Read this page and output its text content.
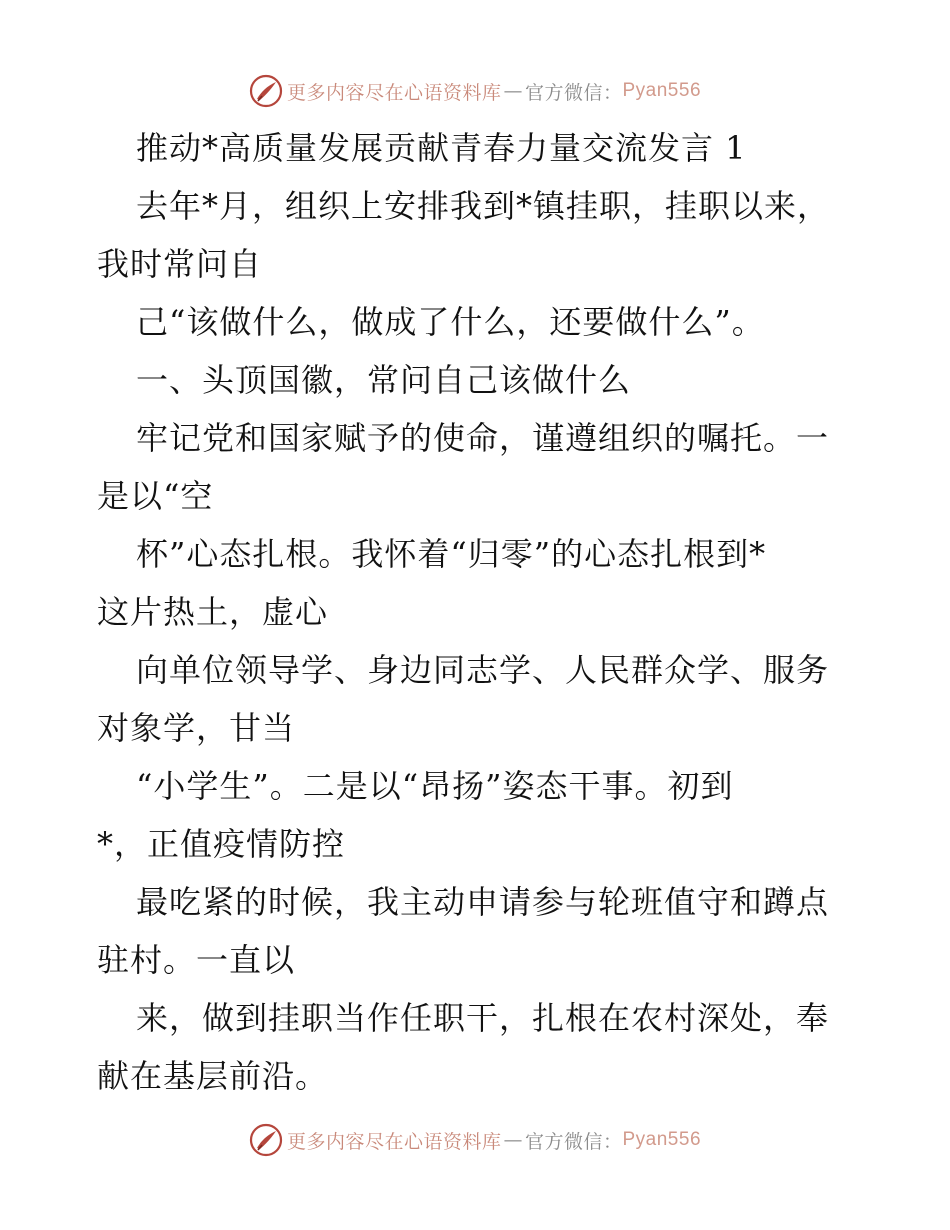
更多内容尽在心语资料库 — 官方微信： Pyan556
推动*高质量发展贡献青春力量交流发言 1
去年*月，组织上安排我到*镇挂职，挂职以来，
我时常问自
己“该做什么，做成了什么，还要做什么”。
一、头顶国徽，常问自己该做什么
牢记党和国家赋予的使命，谨遵组织的嘱托。一
是以“空
杯”心态扎根。我怀着“归零”的心态扎根到*
这片热土，虚心
向单位领导学、身边同志学、人民群众学、服务
对象学，甘当
“小学生”。二是以“昂扬”姿态干事。初到
*，正值疫情防控
最吃紧的时候，我主动申请参与轮班值守和蹲点
驻村。一直以
来，做到挂职当作任职干，扎根在农村深处，奉
献在基层前沿。
更多内容尽在心语资料库 — 官方微信： Pyan556
